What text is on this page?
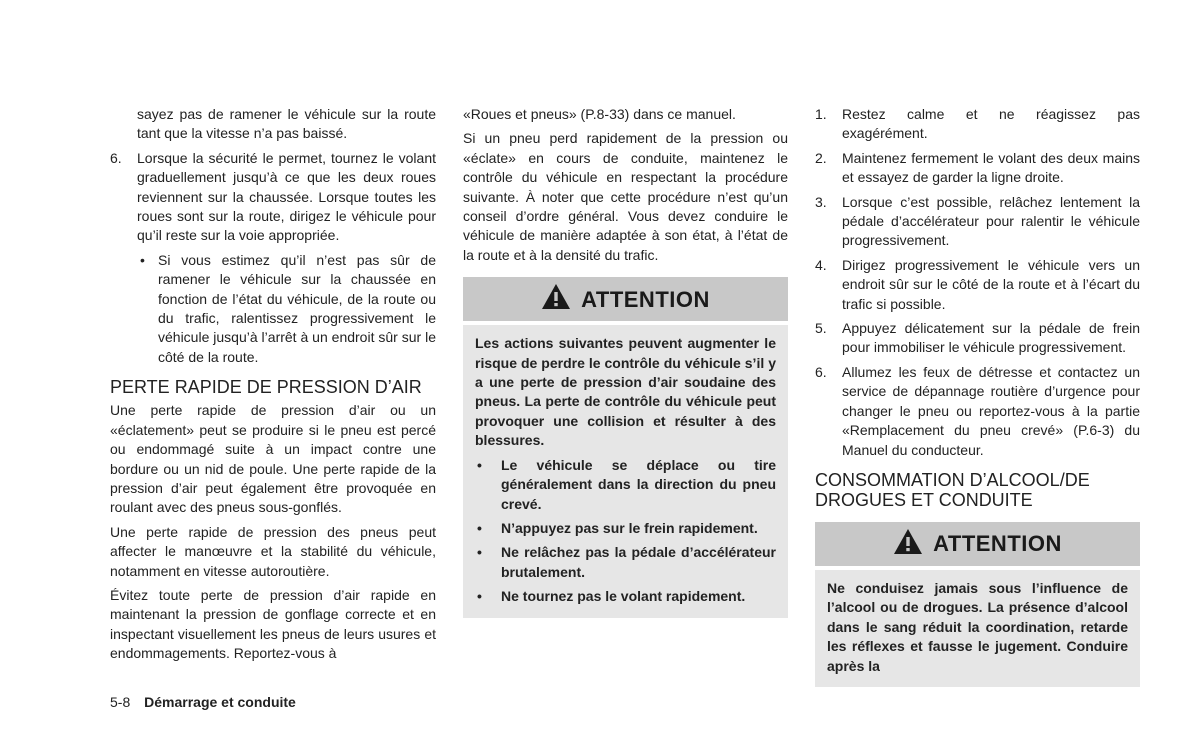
sayez pas de ramener le véhicule sur la route tant que la vitesse n’a pas baissé.
6. Lorsque la sécurité le permet, tournez le volant graduellement jusqu’à ce que les deux roues reviennent sur la chaussée. Lorsque toutes les roues sont sur la route, dirigez le véhicule pour qu’il reste sur la voie appropriée.
• Si vous estimez qu’il n’est pas sûr de ramener le véhicule sur la chaussée en fonction de l’état du véhicule, de la route ou du trafic, ralentissez progressivement le véhicule jusqu’à l’arrêt à un endroit sûr sur le côté de la route.
PERTE RAPIDE DE PRESSION D’AIR

Une perte rapide de pression d’air ou un «éclatement» peut se produire si le pneu est percé ou endommagé suite à un impact contre une bordure ou un nid de poule. Une perte rapide de la pression d’air peut également être provoquée en roulant avec des pneus sous-gonflés.

Une perte rapide de pression des pneus peut affecter le manœuvre et la stabilité du véhicule, notamment en vitesse autoroutière.

Évitez toute perte de pression d’air rapide en maintenant la pression de gonflage correcte et en inspectant visuellement les pneus de leurs usures et endommagements. Reportez-vous à

«Roues et pneus» (P.8-33) dans ce manuel.

Si un pneu perd rapidement de la pression ou «éclate» en cours de conduite, maintenez le contrôle du véhicule en respectant la procédure suivante. À noter que cette procédure n’est qu’un conseil d’ordre général. Vous devez conduire le véhicule de manière adaptée à son état, à l’état de la route et à la densité du trafic.

ATTENTION

Les actions suivantes peuvent augmenter le risque de perdre le contrôle du véhicule s’il y a une perte de pression d’air soudaine des pneus. La perte de contrôle du véhicule peut provoquer une collision et résulter à des blessures.

• Le véhicule se déplace ou tire généralement dans la direction du pneu crevé.
• N’appuyez pas sur le frein rapidement.
• Ne relâchez pas la pédale d’accélérateur brutalement.
• Ne tournez pas le volant rapidement.
1. Restez calme et ne réagissez pas exagérément.
2. Maintenez fermement le volant des deux mains et essayez de garder la ligne droite.
3. Lorsque c’est possible, relâchez lentement la pédale d’accélérateur pour ralentir le véhicule progressivement.
4. Dirigez progressivement le véhicule vers un endroit sûr sur le côté de la route et à l’écart du trafic si possible.
5. Appuyez délicatement sur la pédale de frein pour immobiliser le véhicule progressivement.
6. Allumez les feux de détresse et contactez un service de dépannage routière d’urgence pour changer le pneu ou reportez-vous à la partie «Remplacement du pneu crevé» (P.6-3) du Manuel du conducteur.
CONSOMMATION D’ALCOOL/DE DROGUES ET CONDUITE
ATTENTION

Ne conduisez jamais sous l’influence de l’alcool ou de drogues. La présence d’alcool dans le sang réduit la coordination, retarde les réflexes et fausse le jugement. Conduire après la

5-8 Démarrage et conduite
